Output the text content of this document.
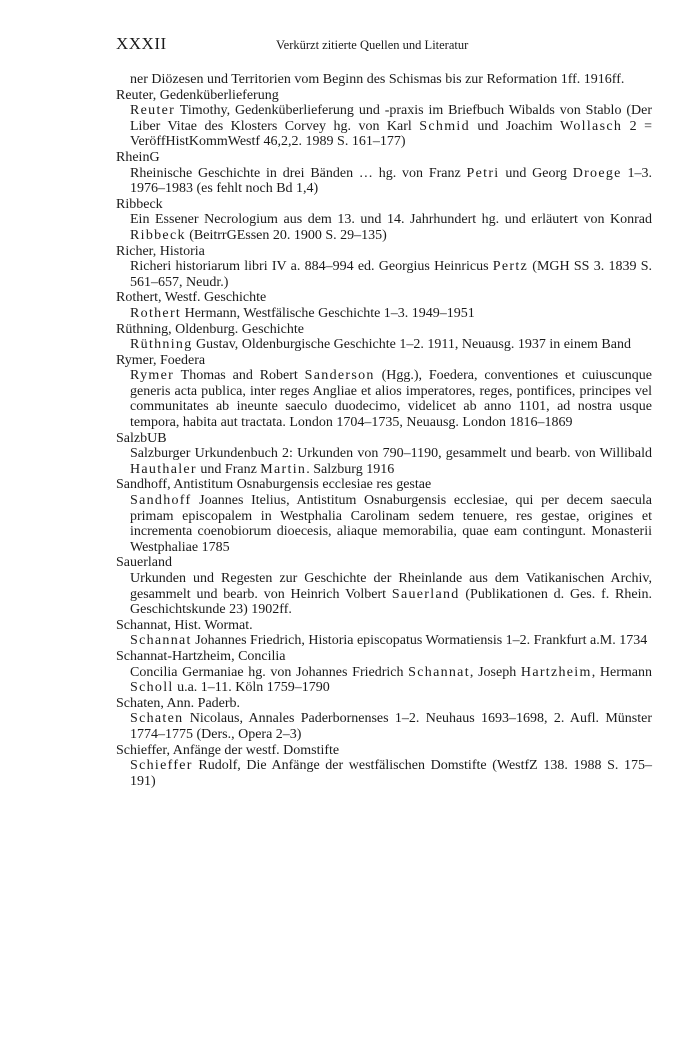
XXXII	Verkürzt zitierte Quellen und Literatur

ner Diözesen und Territorien vom Beginn des Schismas bis zur Reformation 1ff. 1916ff.

Reuter, Gedenküberlieferung

Reuter Timothy, Gedenküberlieferung und -praxis im Briefbuch Wibalds von Stablo (Der Liber Vitae des Klosters Corvey hg. von Karl Schmid und Joachim Wollasch 2 = VeröffHistKommWestf 46,2,2. 1989 S. 161–177)

RheinG

Rheinische Geschichte in drei Bänden … hg. von Franz Petri und Georg Droege 1–3. 1976–1983 (es fehlt noch Bd 1,4)

Ribbeck

Ein Essener Necrologium aus dem 13. und 14. Jahrhundert hg. und erläutert von Konrad Ribbeck (BeitrrGEssen 20. 1900 S. 29–135)

Richer, Historia

Richeri historiarum libri IV a. 884–994 ed. Georgius Heinricus Pertz (MGH SS 3. 1839 S. 561–657, Neudr.)

Rothert, Westf. Geschichte

Rothert Hermann, Westfälische Geschichte 1–3. 1949–1951

Rüthning, Oldenburg. Geschichte

Rüthning Gustav, Oldenburgische Geschichte 1–2. 1911, Neuausg. 1937 in einem Band

Rymer, Foedera

Rymer Thomas and Robert Sanderson (Hgg.), Foedera, conventiones et cuiuscunque generis acta publica, inter reges Angliae et alios imperatores, reges, pontifices, principes vel communitates ab ineunte saeculo duodecimo, videlicet ab anno 1101, ad nostra usque tempora, habita aut tractata. London 1704–1735, Neuausg. London 1816–1869

SalzbUB

Salzburger Urkundenbuch 2: Urkunden von 790–1190, gesammelt und bearb. von Willibald Hauthaler und Franz Martin. Salzburg 1916

Sandhoff, Antistitum Osnaburgensis ecclesiae res gestae

Sandhoff Joannes Itelius, Antistitum Osnaburgensis ecclesiae, qui per decem saecula primam episcopalem in Westphalia Carolinam sedem tenuere, res gestae, origines et incrementa coenobiorum dioecesis, aliaque memorabilia, quae eam contingunt. Monasterii Westphaliae 1785

Sauerland

Urkunden und Regesten zur Geschichte der Rheinlande aus dem Vatikanischen Archiv, gesammelt und bearb. von Heinrich Volbert Sauerland (Publikationen d. Ges. f. Rhein. Geschichtskunde 23) 1902ff.

Schannat, Hist. Wormat.

Schannat Johannes Friedrich, Historia episcopatus Wormatiensis 1–2. Frankfurt a.M. 1734

Schannat-Hartzheim, Concilia

Concilia Germaniae hg. von Johannes Friedrich Schannat, Joseph Hartzheim, Hermann Scholl u.a. 1–11. Köln 1759–1790

Schaten, Ann. Paderb.

Schaten Nicolaus, Annales Paderbornenses 1–2. Neuhaus 1693–1698, 2. Aufl. Münster 1774–1775 (Ders., Opera 2–3)

Schieffer, Anfänge der westf. Domstifte

Schieffer Rudolf, Die Anfänge der westfälischen Domstifte (WestfZ 138. 1988 S. 175–191)
